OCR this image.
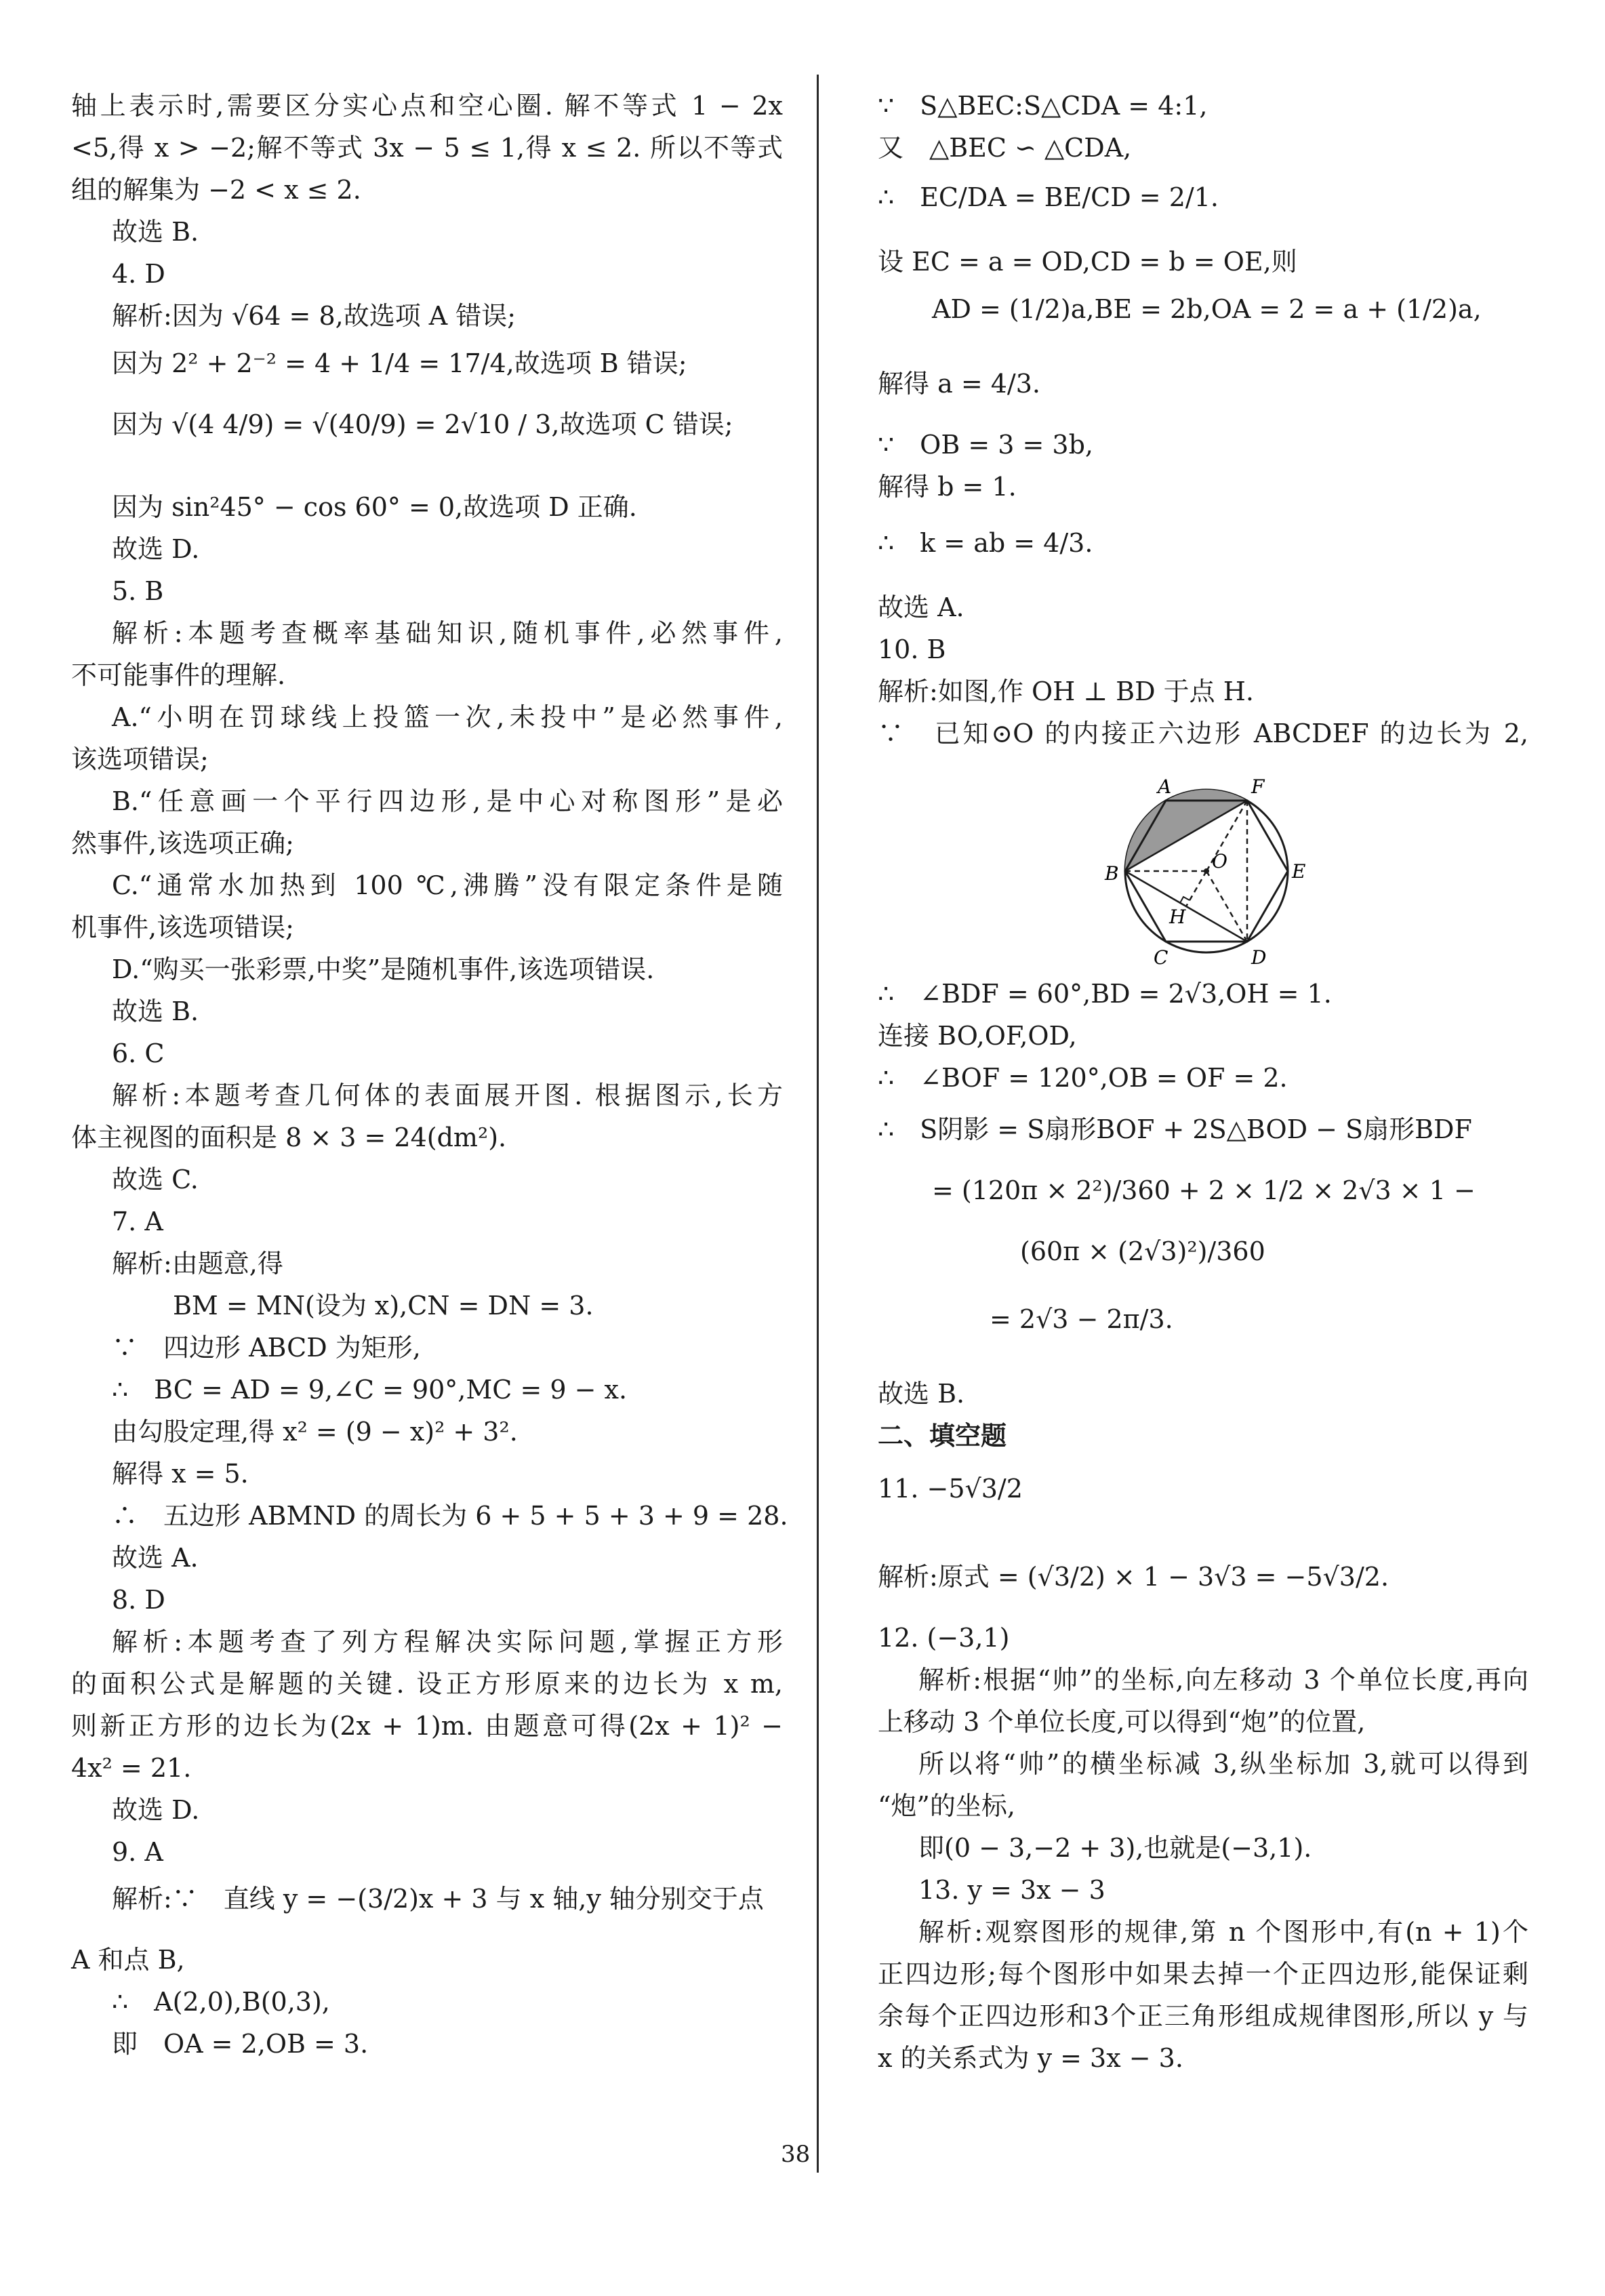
轴上表示时,需要区分实心点和空心圈. 解不等式 1 − 2x
<5,得 x > −2;解不等式 3x − 5 ≤ 1,得 x ≤ 2. 所以不等式
组的解集为 −2 < x ≤ 2.
故选 B.
4. D
解析:因为 √64 = 8,故选项 A 错误;
因为 2² + 2⁻² = 4 + 1/4 = 17/4,故选项 B 错误;
因为 √(4 4/9) = √(40/9) = 2√10 / 3,故选项 C 错误;
因为 sin²45° − cos 60° = 0,故选项 D 正确.
故选 D.
5. B
解析:本题考查概率基础知识,随机事件,必然事件,
不可能事件的理解.
A.“小明在罚球线上投篮一次,未投中”是必然事件,
该选项错误;
B.“任意画一个平行四边形,是中心对称图形”是必
然事件,该选项正确;
C.“通常水加热到 100 ℃,沸腾”没有限定条件是随
机事件,该选项错误;
D.“购买一张彩票,中奖”是随机事件,该选项错误.
故选 B.
6. C
解析:本题考查几何体的表面展开图. 根据图示,长方
体主视图的面积是 8 × 3 = 24(dm²).
故选 C.
7. A
解析:由题意,得
BM = MN(设为 x),CN = DN = 3.
∵　四边形 ABCD 为矩形,
∴　BC = AD = 9,∠C = 90°,MC = 9 − x.
由勾股定理,得 x² = (9 − x)² + 3².
解得 x = 5.
∴　五边形 ABMND 的周长为 6 + 5 + 5 + 3 + 9 = 28.
故选 A.
8. D
解析:本题考查了列方程解决实际问题,掌握正方形
的面积公式是解题的关键. 设正方形原来的边长为 x m,
则新正方形的边长为(2x + 1)m. 由题意可得(2x + 1)² −
4x² = 21.
故选 D.
9. A
解析:∵　直线 y = −(3/2)x + 3 与 x 轴,y 轴分别交于点
A 和点 B,
∴　A(2,0),B(0,3),
即　OA = 2,OB = 3.
∵　S△BEC:S△CDA = 4:1,
又　△BEC ∽ △CDA,
∴　EC/DA = BE/CD = 2/1.
设 EC = a = OD,CD = b = OE,则
AD = (1/2)a,BE = 2b,OA = 2 = a + (1/2)a,
解得 a = 4/3.
∵　OB = 3 = 3b,
解得 b = 1.
∴　k = ab = 4/3.
故选 A.
10. B
解析:如图,作 OH ⊥ BD 于点 H.
∵　已知⊙O 的内接正六边形 ABCDEF 的边长为 2,
∴　∠BDF = 60°,BD = 2√3,OH = 1.
连接 BO,OF,OD,
∴　∠BOF = 120°,OB = OF = 2.
∴　S阴影 = S扇形BOF + 2S△BOD − S扇形BDF
= (120π × 2²)/360 + 2 × 1/2 × 2√3 × 1 −
(60π × (2√3)²)/360
= 2√3 − 2π/3.
故选 B.
二、填空题
11. −5√3/2
解析:原式 = (√3/2) × 1 − 3√3 = −5√3/2.
12. (−3,1)
解析:根据“帅”的坐标,向左移动 3 个单位长度,再向
上移动 3 个单位长度,可以得到“炮”的位置,
所以将“帅”的横坐标减 3,纵坐标加 3,就可以得到
“炮”的坐标,
即(0 − 3,−2 + 3),也就是(−3,1).
13. y = 3x − 3
解析:观察图形的规律,第 n 个图形中,有(n + 1)个
正四边形;每个图形中如果去掉一个正四边形,能保证剩
余每个正四边形和3个正三角形组成规律图形,所以 y 与
x 的关系式为 y = 3x − 3.
A	F
E
B
O
H
C	D
38
